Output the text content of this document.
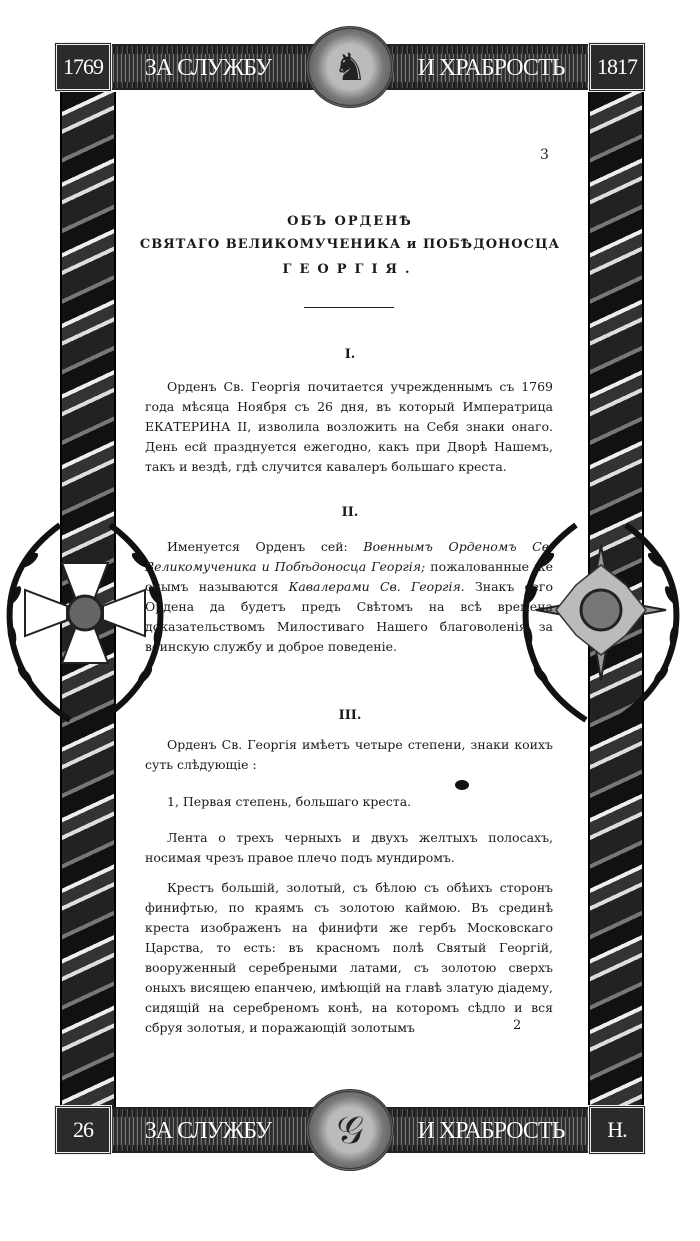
1769	ЗА СЛУЖБУ	♞	И ХРАБРОСТЬ	1817
26	ЗА СЛУЖБУ	𝒢	И ХРАБРОСТЬ	Н.
3
ОБЪ ОРДЕНѢ
СВЯТАГО ВЕЛИКОМУЧЕНИКА и ПОБѢДОНОСЦА
ГЕОРГІЯ.
I.

Орденъ Св. Георгія почитается учрежденнымъ съ 1769 года мѣсяца Ноября съ 26 дня, въ который Императрица ЕКАТЕРИНА II, изволила возложить на Себя знаки онаго. День есй празднуется ежегодно, какъ при Дворѣ Нашемъ, такъ и вездѣ, гдѣ случится кавалеръ большаго креста.

II.

Именуется Орденъ сей: Военнымъ Орденомъ Св. Великомученика и Побѣдоносца Георгія; пожалованные же онымъ называются Кавалерами Св. Георгія. Знакъ сего Ордена да будетъ предъ Свѣтомъ на всѣ времена доказательствомъ Милостиваго Нашего благоволенія за воинскую службу и доброе поведеніе.

III.

Орденъ Св. Георгія имѣетъ четыре степени, знаки коихъ суть слѣдующіе :

1, Первая степень, большаго креста.

Лента о трехъ черныхъ и двухъ желтыхъ полосахъ, носимая чрезъ правое плечо подъ мундиромъ.

Крестъ большій, золотый, съ бѣлою съ обѣихъ сторонъ финифтью, по краямъ съ золотою каймою. Въ срединѣ креста изображенъ на финифти же гербъ Московскаго Царства, то есть: въ красномъ полѣ Святый Георгій, вооруженный серебреными латами, съ золотою сверхъ оныхъ висящею епанчею, имѣющій на главѣ златую діадему, сидящій на серебреномъ конѣ, на которомъ сѣдло и вся сбруя золотыя, и поражающій золотымъ	2
